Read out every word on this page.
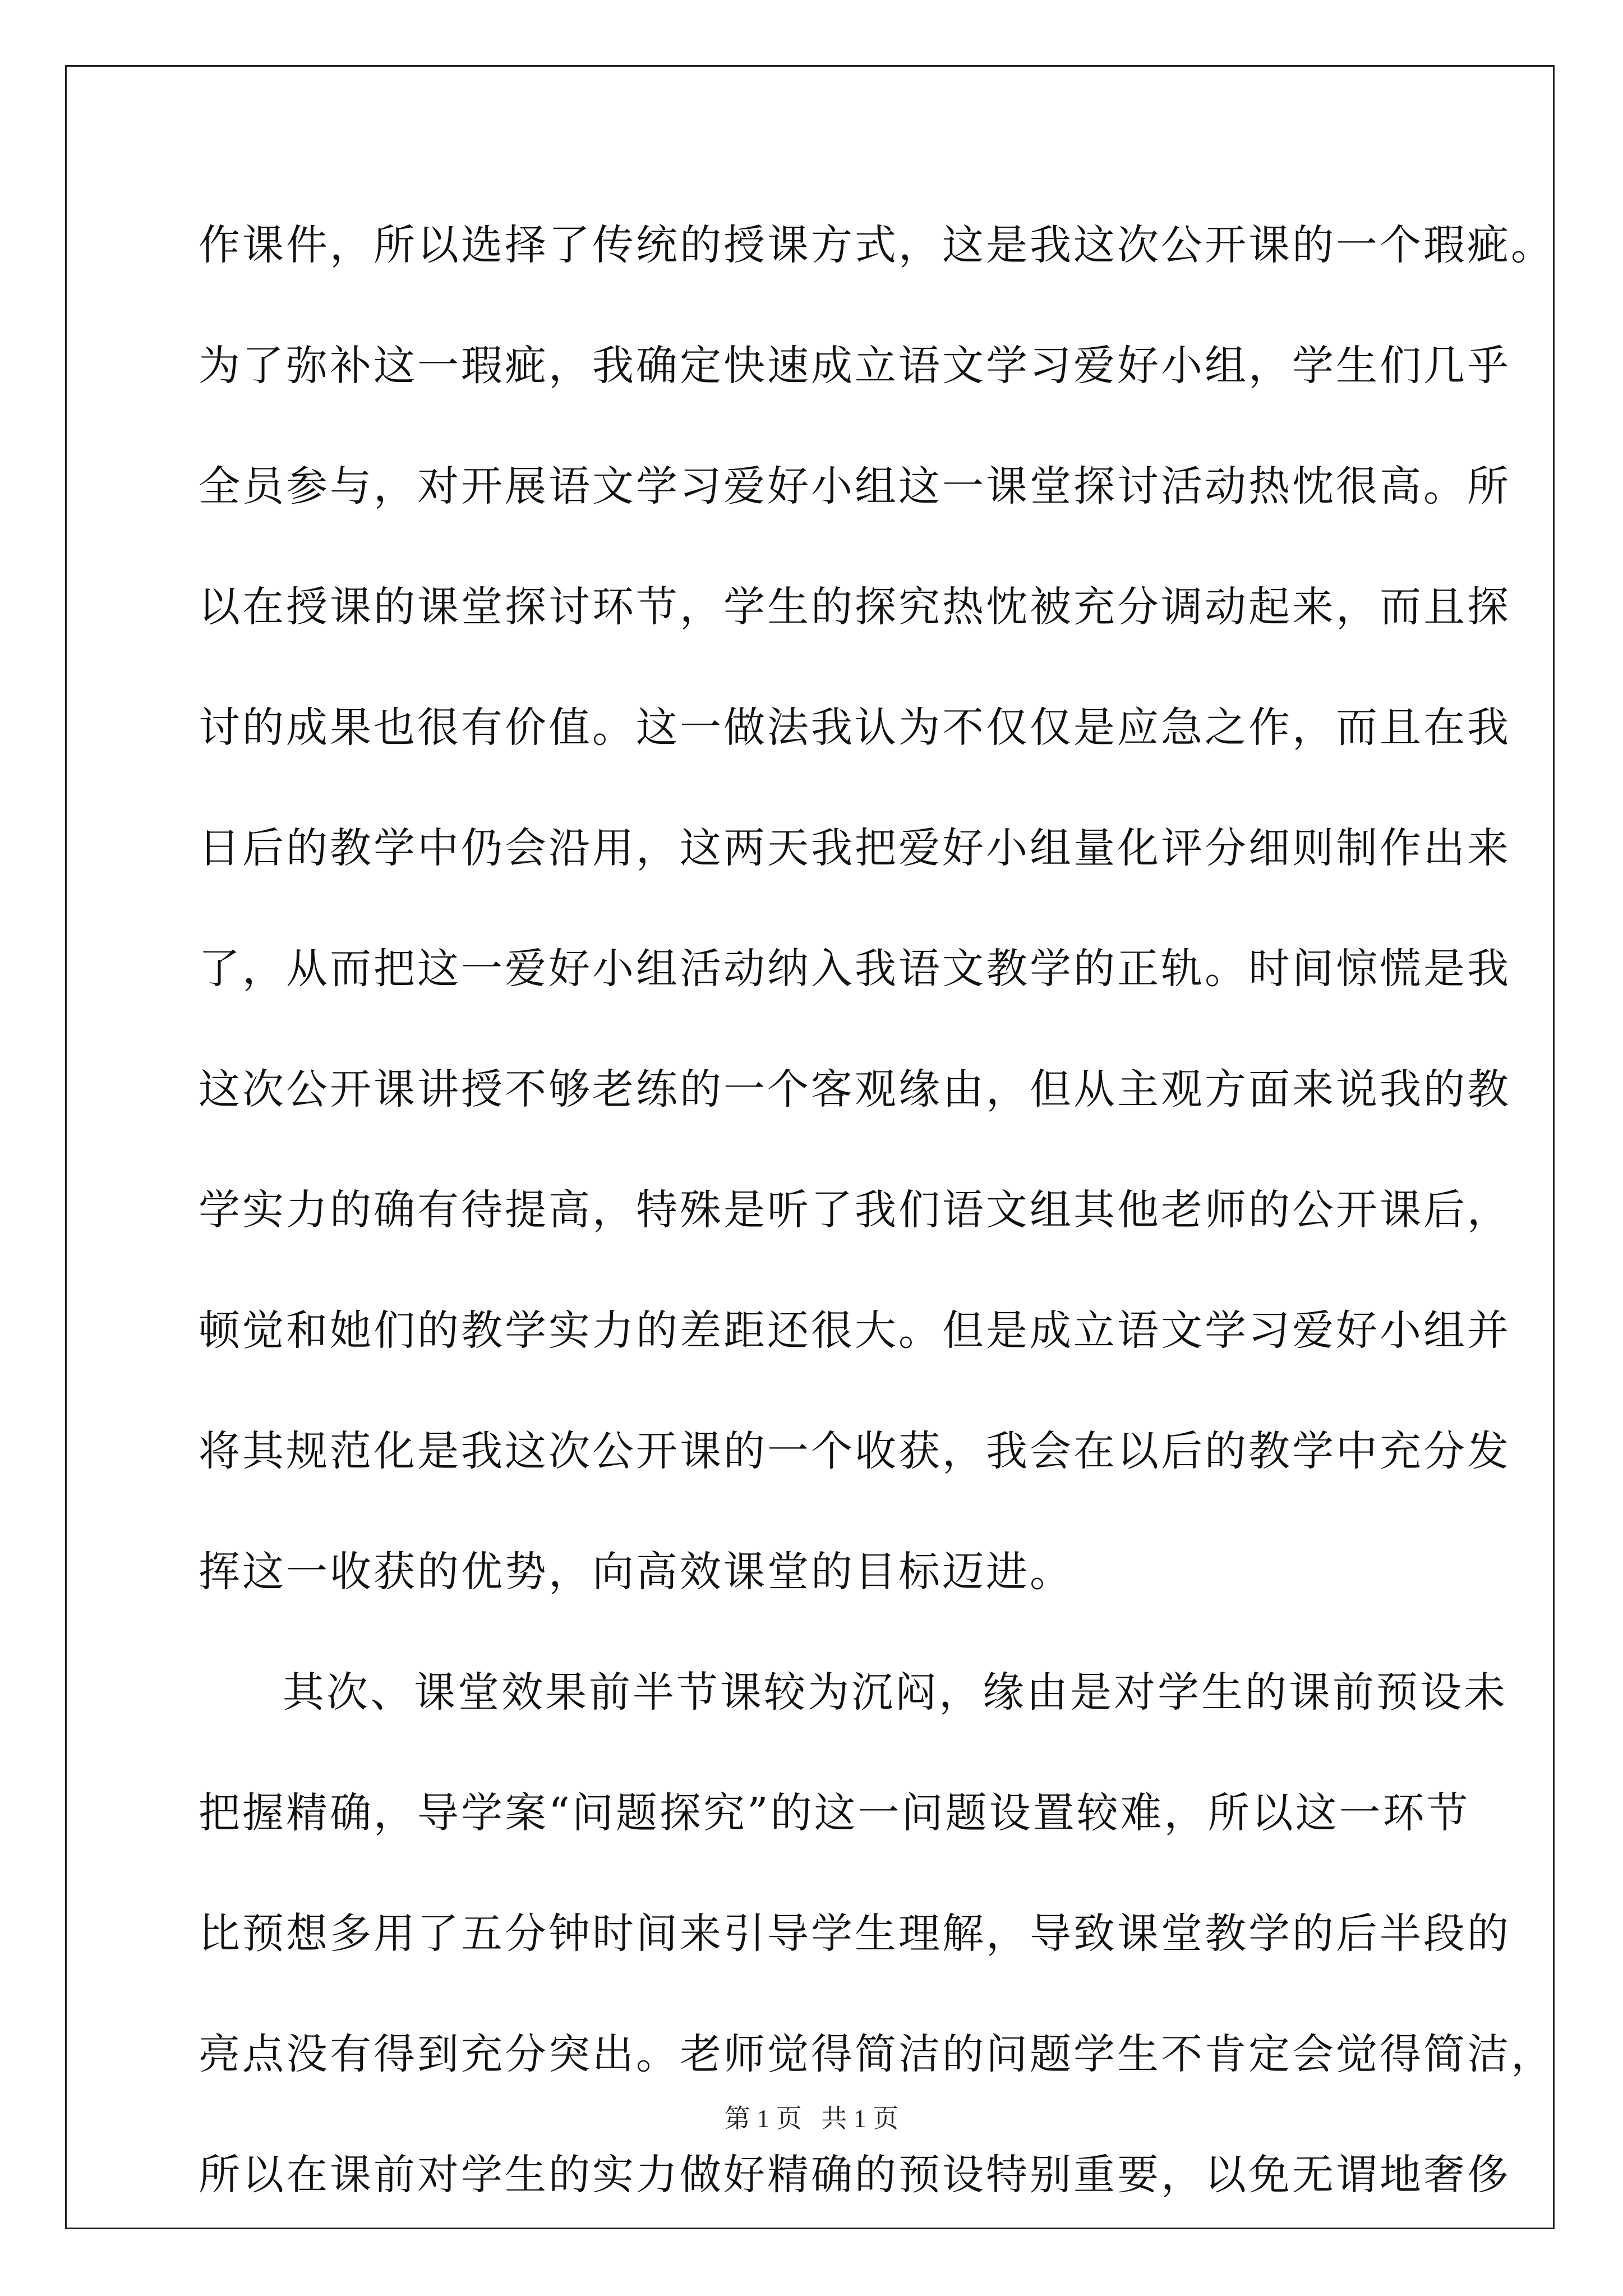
作课件，所以选择了传统的授课方式，这是我这次公开课的一个瑕疵。
为了弥补这一瑕疵，我确定快速成立语文学习爱好小组，学生们几乎
全员参与，对开展语文学习爱好小组这一课堂探讨活动热忱很高。所
以在授课的课堂探讨环节，学生的探究热忱被充分调动起来，而且探
讨的成果也很有价值。这一做法我认为不仅仅是应急之作，而且在我
日后的教学中仍会沿用，这两天我把爱好小组量化评分细则制作出来
了，从而把这一爱好小组活动纳入我语文教学的正轨。时间惊慌是我
这次公开课讲授不够老练的一个客观缘由，但从主观方面来说我的教
学实力的确有待提高，特殊是听了我们语文组其他老师的公开课后，
顿觉和她们的教学实力的差距还很大。但是成立语文学习爱好小组并
将其规范化是我这次公开课的一个收获，我会在以后的教学中充分发
挥这一收获的优势，向高效课堂的目标迈进。
其次、课堂效果前半节课较为沉闷，缘由是对学生的课前预设未
把握精确，导学案“问题探究”的这一问题设置较难，所以这一环节
比预想多用了五分钟时间来引导学生理解，导致课堂教学的后半段的
亮点没有得到充分突出。老师觉得简洁的问题学生不肯定会觉得简洁，
所以在课前对学生的实力做好精确的预设特别重要，以免无谓地奢侈
第 1 页   共 1 页
